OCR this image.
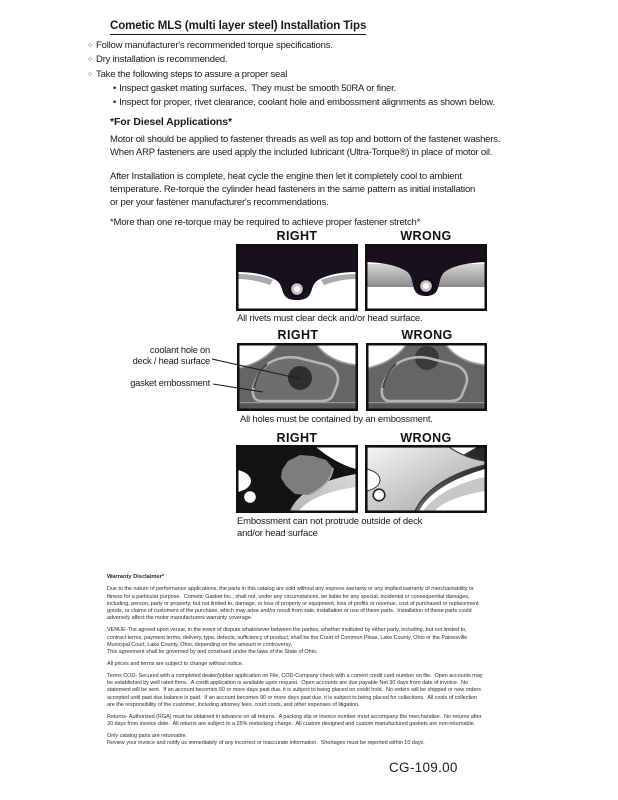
Cometic MLS (multi layer steel) Installation Tips
○ Follow manufacturer's recommended torque specifications.
○ Dry installation is recommended.
○ Take the following steps to assure a proper seal
• Inspect gasket mating surfaces.  They must be smooth 50RA or finer.
• Inspect for proper, rivet clearance, coolant hole and embossment alignments as shown below.
*For Diesel Applications*
Motor oil should be applied to fastener threads as well as top and bottom of the fastener washers.
When ARP fasteners are used apply the included lubricant (Ultra-Torque®) in place of motor oil.
After Installation is complete, heat cycle the engine then let it completely cool to ambient
temperature. Re-torque the cylinder head fasteners in the same pattern as initial installation
or per your fastener manufacturer's recommendations.
*More than one re-torque may be required to achieve proper fastener stretch*
RIGHT	WRONG
All rivets must clear deck and/or head surface.
RIGHT	WRONG
coolant hole on
deck / head surface
gasket embossment
All holes must be contained by an embossment.
RIGHT	WRONG
Embossment can not protrude outside of deck
and/or head surface
Warranty Disclaimer*
Due to the nature of performance applications, the parts in this catalog are sold without any express warranty or any implied warranty of merchantability or
fitness for a particular purpose.  Cometic Gasket Inc., shall not, under any circumstances, be liable for any special, incidental or consequential damages,
including, person, party or property, but not limited to, damage, or loss of property or equipment, loss of profits or revenue, cost of purchased or replacement
goods, or claims of customers of the purchase, which may arise and/or result from sale, installation or use of these parts.  Installation of these parts could
adversely affect the motor manufacturers warranty coverage.
VENUE-The agreed upon venue, in the event of dispute whatsoever between the parties, whether instituted by either party, including, but not limited to,
contract terms, payment terms, delivery, type, defects, sufficiency of product, shall be the Court of Common Pleas, Lake County, Ohio or the Painesville
Municipal Court, Lake County, Ohio, depending on the amount in controversy.
This agreement shall be governed by and construed under the laws of the State of Ohio.
All prices and terms are subject to change without notice.
Terms COD- Secured with a completed dealer/jobber application on File, COD-Company check with a current credit card number on file.  Open accounts may
be established by well rated firms.  A credit application is available upon request.  Open accounts are due payable Net 30 days from date of invoice.  No
statement will be sent.  If an account becomes 60 or more days past due, it is subject to being placed on credit hold.  No orders will be shipped or new orders
accepted until past due balance is paid.  If an account becomes 90 or more days past due, it is subject to being placed for collections.  All costs of collection
are the responsibility of the customer, including attorney fees, court costs, and other expenses of litigation.
Returns- Authorized (RGA) must be obtained in advance on all returns.  A packing slip or invoice number must accompany the merchandise.  No returns after
30 days from invoice date.  All returns are subject to a 25% restocking charge.  All custom designed and custom manufactured gaskets are non-returnable.
Only catalog parts are returnable.
Review your invoice and notify us immediately of any incorrect or inaccurate information.  Shortages must be reported within 10 days.
CG-109.00
